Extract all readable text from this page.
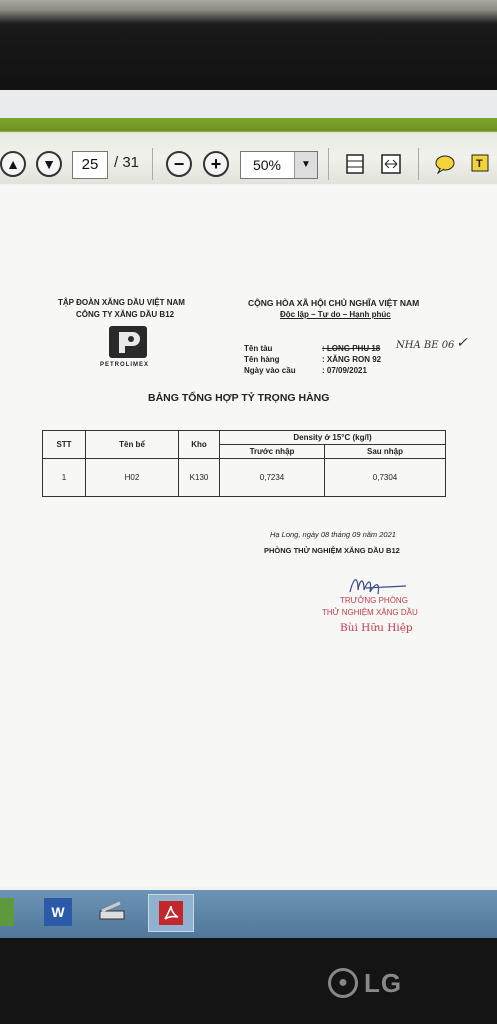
▲ ▼	25	/ 31 − +	50%	▼	T
TẬP ĐOÀN XĂNG DẦU VIỆT NAM
CÔNG TY XĂNG DẦU B12
PETROLIMEX
CỘNG HÒA XÃ HỘI CHỦ NGHĨA VIỆT NAM
Độc lập – Tự do – Hạnh phúc
Tên tàu	: LONG PHU 18 NHA BE 06 ✓
Tên hàng	: XĂNG RON 92
Ngày vào cầu	: 07/09/2021
BẢNG TỔNG HỢP TỶ TRỌNG HÀNG
STT	Tên bể	Kho	Density ở 15°C (kg/l)	
			Trước nhập	Sau nhập
1	H02	K130	0,7234	0,7304
Hạ Long, ngày 08 tháng 09 năm 2021
PHÒNG THỬ NGHIỆM XĂNG DẦU B12
TRƯỞNG PHÒNG
THỬ NGHIỆM XĂNG DẦU
Bùi Hữu Hiệp
W
● LG
